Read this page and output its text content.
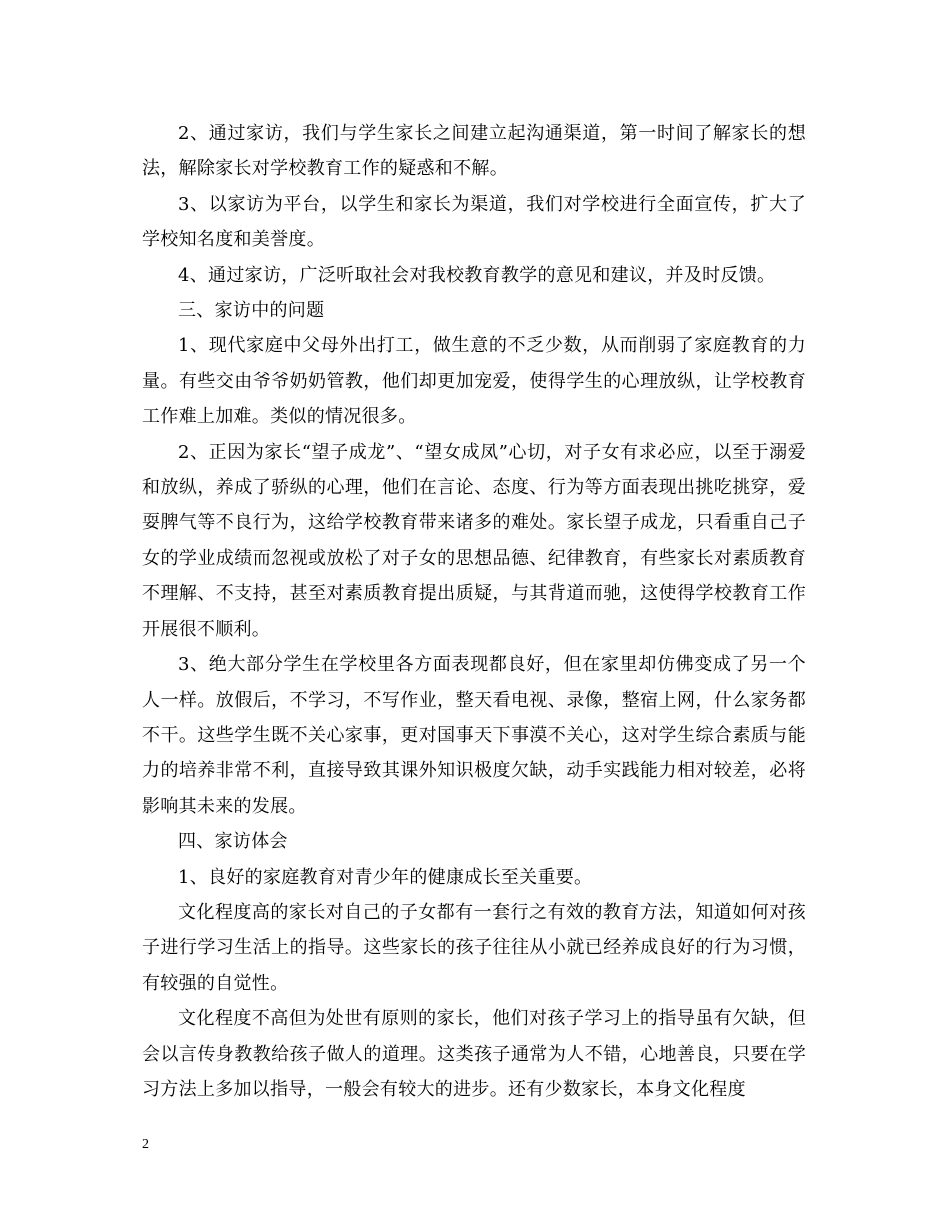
2、通过家访，我们与学生家长之间建立起沟通渠道，第一时间了解家长的想法，解除家长对学校教育工作的疑惑和不解。

3、以家访为平台，以学生和家长为渠道，我们对学校进行全面宣传，扩大了学校知名度和美誉度。

4、通过家访，广泛听取社会对我校教育教学的意见和建议，并及时反馈。

三、家访中的问题

1、现代家庭中父母外出打工，做生意的不乏少数，从而削弱了家庭教育的力量。有些交由爷爷奶奶管教，他们却更加宠爱，使得学生的心理放纵，让学校教育工作难上加难。类似的情况很多。

2、正因为家长“望子成龙”、“望女成凤”心切，对子女有求必应，以至于溺爱和放纵，养成了骄纵的心理，他们在言论、态度、行为等方面表现出挑吃挑穿，爱耍脾气等不良行为，这给学校教育带来诸多的难处。家长望子成龙，只看重自己子女的学业成绩而忽视或放松了对子女的思想品德、纪律教育，有些家长对素质教育不理解、不支持，甚至对素质教育提出质疑，与其背道而驰，这使得学校教育工作开展很不顺利。

3、绝大部分学生在学校里各方面表现都良好，但在家里却仿佛变成了另一个人一样。放假后，不学习，不写作业，整天看电视、录像，整宿上网，什么家务都不干。这些学生既不关心家事，更对国事天下事漠不关心，这对学生综合素质与能力的培养非常不利，直接导致其课外知识极度欠缺，动手实践能力相对较差，必将影响其未来的发展。

四、家访体会

1、良好的家庭教育对青少年的健康成长至关重要。

文化程度高的家长对自己的子女都有一套行之有效的教育方法，知道如何对孩子进行学习生活上的指导。这些家长的孩子往往从小就已经养成良好的行为习惯，有较强的自觉性。

文化程度不高但为处世有原则的家长，他们对孩子学习上的指导虽有欠缺，但会以言传身教教给孩子做人的道理。这类孩子通常为人不错，心地善良，只要在学习方法上多加以指导，一般会有较大的进步。还有少数家长，本身文化程度

2
